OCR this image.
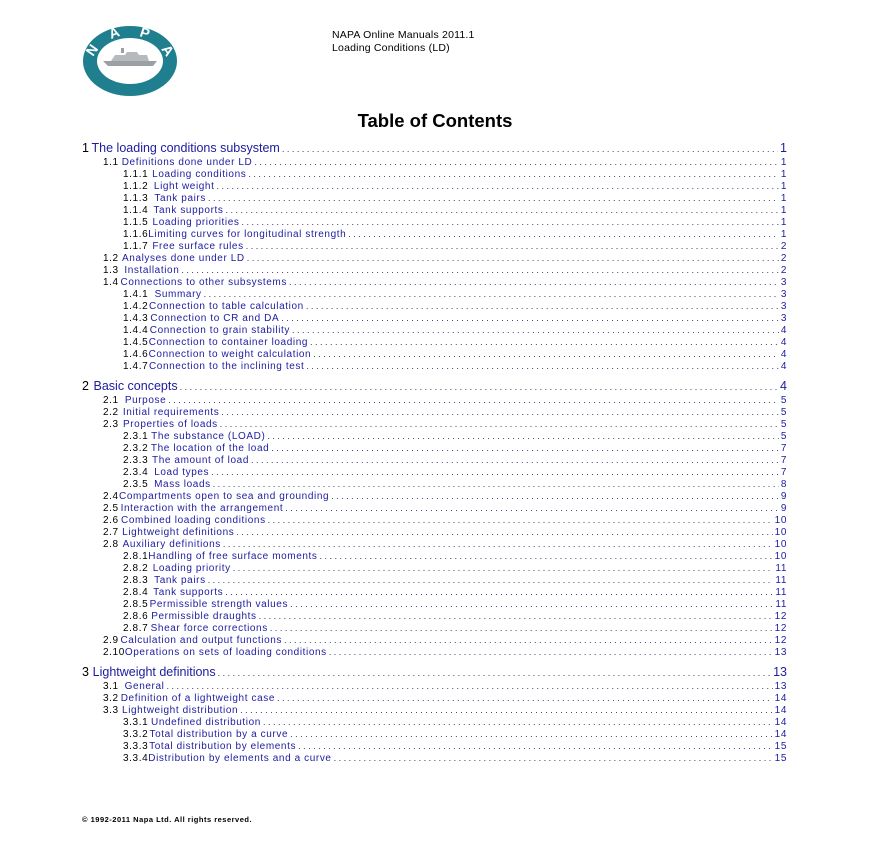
N
A P
A
NAPA Online Manuals 2011.1
Loading Conditions (LD)
Table of Contents
1 The loading conditions subsystem . . .	1
1.1 Definitions done under LD . . .	1
1.1.1 Loading conditions . . .	1
1.1.2 Light weight . . .	1
1.1.3 Tank pairs . . .	1
1.1.4 Tank supports . . .	1
1.1.5 Loading priorities . . .	1
1.1.6 Limiting curves for longitudinal strength . . .	1
1.1.7 Free surface rules . . .	2
1.2 Analyses done under LD . . .	2
1.3 Installation . . .	2
1.4 Connections to other subsystems . . .	3
1.4.1 Summary . . .	3
1.4.2 Connection to table calculation . . .	3
1.4.3 Connection to CR and DA . . .	3
1.4.4 Connection to grain stability . . .	4
1.4.5 Connection to container loading . . .	4
1.4.6 Connection to weight calculation . . .	4
1.4.7 Connection to the inclining test . . .	4
2 Basic concepts . . .	4
2.1 Purpose . . .	5
2.2 Initial requirements . . .	5
2.3 Properties of loads . . .	5
2.3.1 The substance (LOAD) . . .	5
2.3.2 The location of the load . . .	7
2.3.3 The amount of load . . .	7
2.3.4 Load types . . .	7
2.3.5 Mass loads . . .	8
2.4 Compartments open to sea and grounding . . .	9
2.5 Interaction with the arrangement . . .	9
2.6 Combined loading conditions . . .	10
2.7 Lightweight definitions . . .	10
2.8 Auxiliary definitions . . .	10
2.8.1 Handling of free surface moments . . .	10
2.8.2 Loading priority . . .	11
2.8.3 Tank pairs . . .	11
2.8.4 Tank supports . . .	11
2.8.5 Permissible strength values . . .	11
2.8.6 Permissible draughts . . .	12
2.8.7 Shear force corrections . . .	12
2.9 Calculation and output functions . . .	12
2.10 Operations on sets of loading conditions . . .	13
3 Lightweight definitions . . .	13
3.1 General . . .	13
3.2 Definition of a lightweight case . . .	14
3.3 Lightweight distribution . . .	14
3.3.1 Undefined distribution . . .	14
3.3.2 Total distribution by a curve . . .	14
3.3.3 Total distribution by elements . . .	15
3.3.4 Distribution by elements and a curve . . .	15
© 1992-2011 Napa Ltd. All rights reserved.
